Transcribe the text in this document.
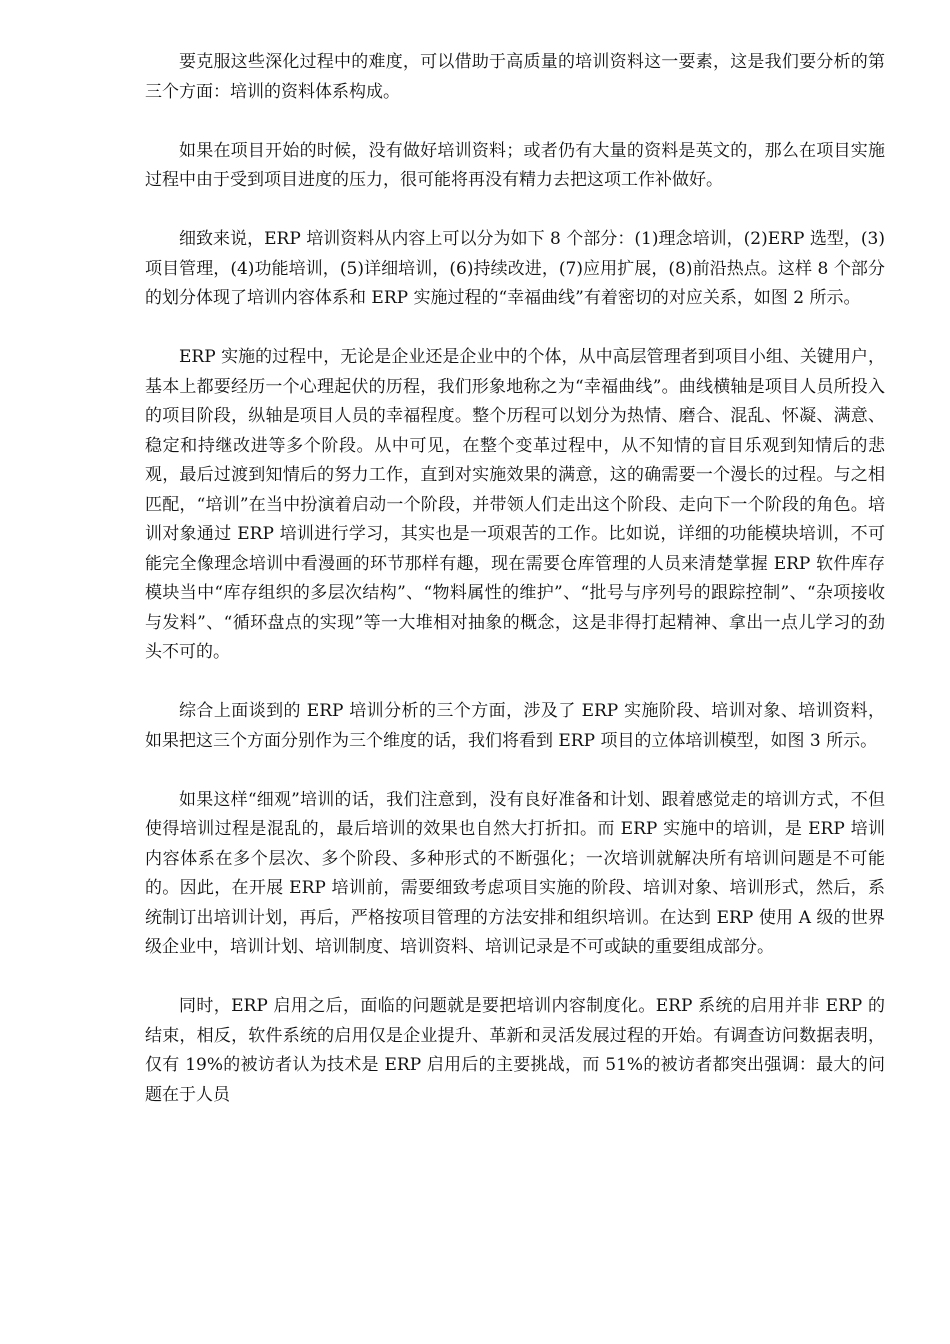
要克服这些深化过程中的难度，可以借助于高质量的培训资料这一要素，这是我们要分析的第三个方面：培训的资料体系构成。

如果在项目开始的时候，没有做好培训资料；或者仍有大量的资料是英文的，那么在项目实施过程中由于受到项目进度的压力，很可能将再没有精力去把这项工作补做好。

细致来说，ERP 培训资料从内容上可以分为如下 8 个部分：(1)理念培训，(2)ERP 选型，(3)项目管理，(4)功能培训，(5)详细培训，(6)持续改进，(7)应用扩展，(8)前沿热点。这样 8 个部分的划分体现了培训内容体系和 ERP 实施过程的“幸福曲线”有着密切的对应关系，如图 2 所示。

ERP 实施的过程中，无论是企业还是企业中的个体，从中高层管理者到项目小组、关键用户，基本上都要经历一个心理起伏的历程，我们形象地称之为“幸福曲线”。曲线横轴是项目人员所投入的项目阶段，纵轴是项目人员的幸福程度。整个历程可以划分为热情、磨合、混乱、怀凝、满意、稳定和持继改进等多个阶段。从中可见，在整个变革过程中，从不知情的盲目乐观到知情后的悲观，最后过渡到知情后的努力工作，直到对实施效果的满意，这的确需要一个漫长的过程。与之相匹配，“培训”在当中扮演着启动一个阶段，并带领人们走出这个阶段、走向下一个阶段的角色。培训对象通过 ERP 培训进行学习，其实也是一项艰苦的工作。比如说，详细的功能模块培训，不可能完全像理念培训中看漫画的环节那样有趣，现在需要仓库管理的人员来清楚掌握 ERP 软件库存模块当中“库存组织的多层次结构”、“物料属性的维护”、“批号与序列号的跟踪控制”、“杂项接收与发料”、“循环盘点的实现”等一大堆相对抽象的概念，这是非得打起精神、拿出一点儿学习的劲头不可的。

综合上面谈到的 ERP 培训分析的三个方面，涉及了 ERP 实施阶段、培训对象、培训资料，如果把这三个方面分别作为三个维度的话，我们将看到 ERP 项目的立体培训模型，如图 3 所示。

如果这样“细观”培训的话，我们注意到，没有良好准备和计划、跟着感觉走的培训方式，不但使得培训过程是混乱的，最后培训的效果也自然大打折扣。而 ERP 实施中的培训，是 ERP 培训内容体系在多个层次、多个阶段、多种形式的不断强化；一次培训就解决所有培训问题是不可能的。因此，在开展 ERP 培训前，需要细致考虑项目实施的阶段、培训对象、培训形式，然后，系统制订出培训计划，再后，严格按项目管理的方法安排和组织培训。在达到 ERP 使用 A 级的世界级企业中，培训计划、培训制度、培训资料、培训记录是不可或缺的重要组成部分。

同时，ERP 启用之后，面临的问题就是要把培训内容制度化。ERP 系统的启用并非 ERP 的结束，相反，软件系统的启用仅是企业提升、革新和灵活发展过程的开始。有调查访问数据表明，仅有 19%的被访者认为技术是 ERP 启用后的主要挑战，而 51%的被访者都突出强调：最大的问题在于人员
